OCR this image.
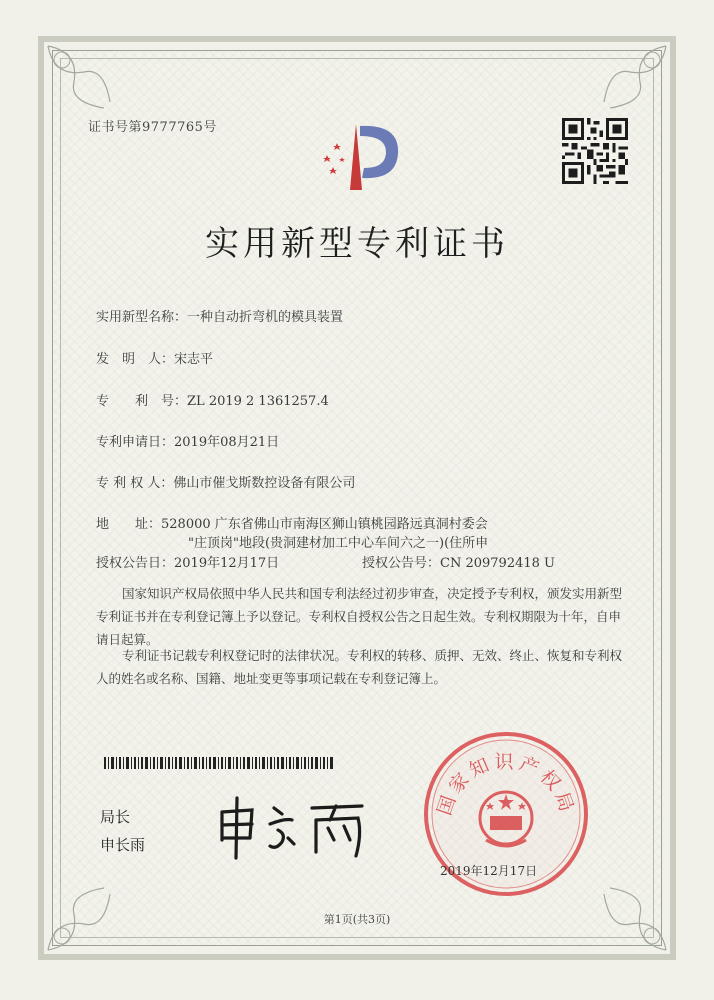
证书号第9777765号
实用新型专利证书
实用新型名称：一种自动折弯机的模具装置
发　明　人：宋志平
专　　利　号：ZL 2019 2 1361257.4
专利申请日：2019年08月21日
专 利 权 人：佛山市催戈斯数控设备有限公司
地　　址：528000 广东省佛山市南海区狮山镇桃园路远真洞村委会
"庄顶岗"地段(贵洞建材加工中心车间六之一)(住所申
授权公告日：2019年12月17日	授权公告号：CN 209792418 U
国家知识产权局依照中华人民共和国专利法经过初步审查，决定授予专利权，颁发实用新型专利证书并在专利登记簿上予以登记。专利权自授权公告之日起生效。专利权期限为十年，自申请日起算。
专利证书记载专利权登记时的法律状况。专利权的转移、质押、无效、终止、恢复和专利权人的姓名或名称、国籍、地址变更等事项记载在专利登记簿上。
局长
申长雨
国家知识产权局
2019年12月17日
第1页(共3页)
